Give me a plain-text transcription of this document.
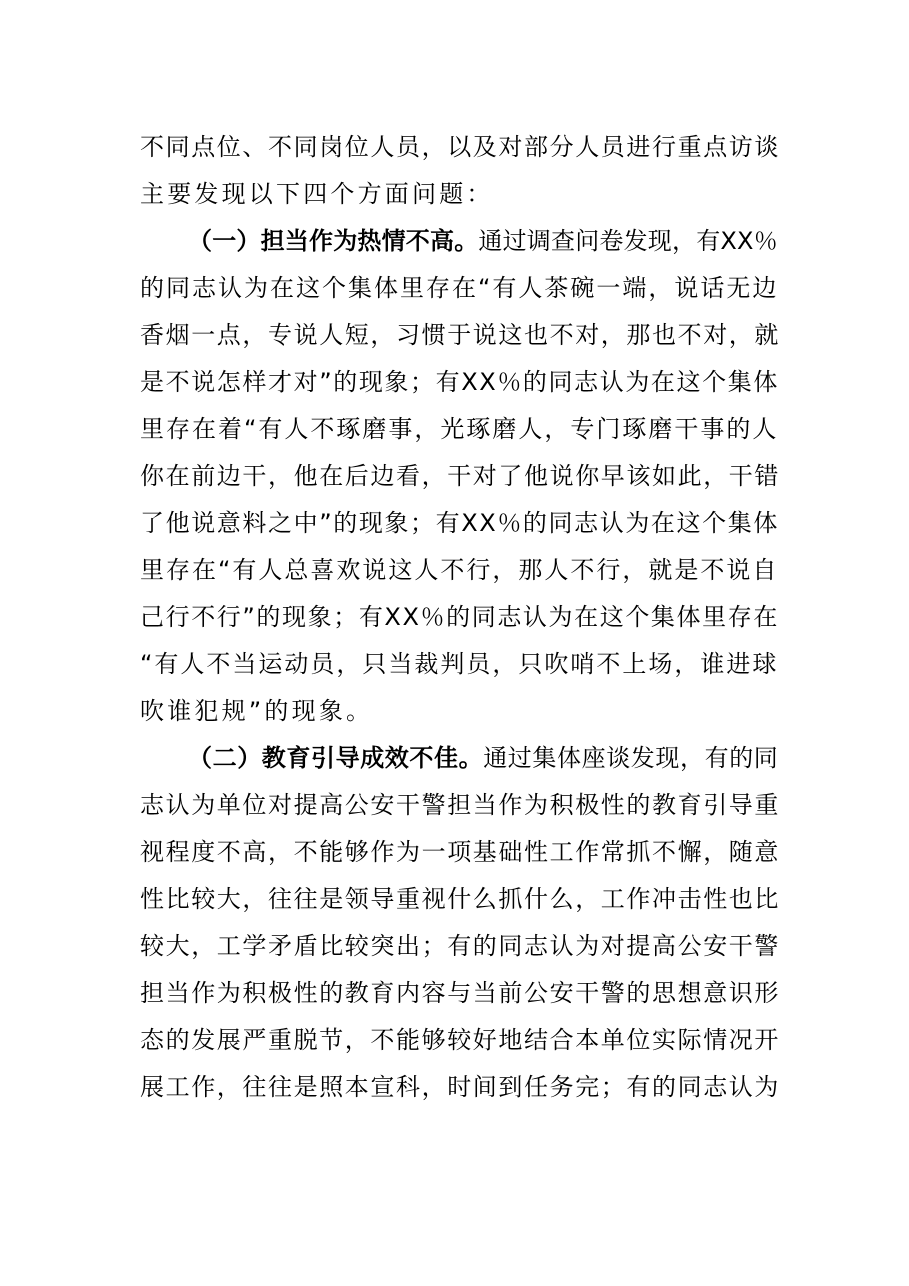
不同点位、不同岗位人员，以及对部分人员进行重点访谈
主要发现以下四个方面问题：
（一）担当作为热情不高。通过调查问卷发现，有XX％
的同志认为在这个集体里存在“有人茶碗一端，说话无边
香烟一点，专说人短，习惯于说这也不对，那也不对，就
是不说怎样才对”的现象；有XX％的同志认为在这个集体
里存在着“有人不琢磨事，光琢磨人，专门琢磨干事的人
你在前边干，他在后边看，干对了他说你早该如此，干错
了他说意料之中”的现象；有XX％的同志认为在这个集体
里存在“有人总喜欢说这人不行，那人不行，就是不说自
己行不行”的现象；有XX％的同志认为在这个集体里存在
“有人不当运动员，只当裁判员，只吹哨不上场，谁进球
吹谁犯规”的现象。
（二）教育引导成效不佳。通过集体座谈发现，有的同
志认为单位对提高公安干警担当作为积极性的教育引导重
视程度不高，不能够作为一项基础性工作常抓不懈，随意
性比较大，往往是领导重视什么抓什么，工作冲击性也比
较大，工学矛盾比较突出；有的同志认为对提高公安干警
担当作为积极性的教育内容与当前公安干警的思想意识形
态的发展严重脱节，不能够较好地结合本单位实际情况开
展工作，往往是照本宣科，时间到任务完；有的同志认为
